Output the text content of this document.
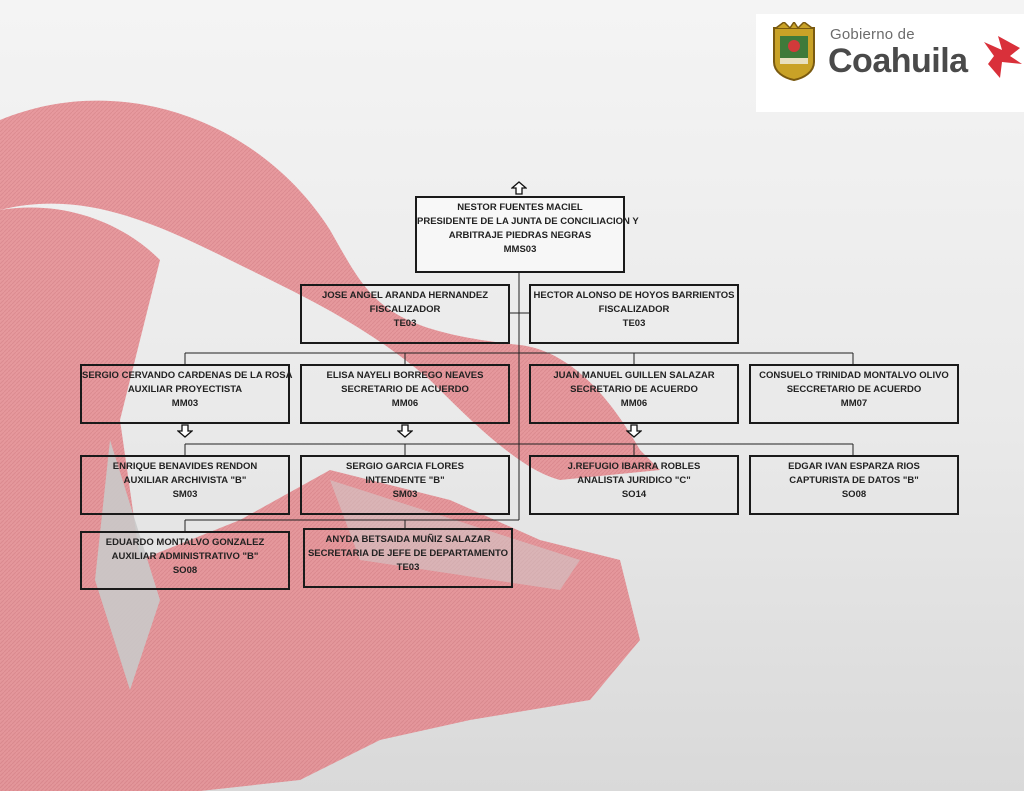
Gobierno de
Coahuila
NESTOR FUENTES MACIEL
PRESIDENTE DE LA JUNTA DE CONCILIACION Y
ARBITRAJE PIEDRAS NEGRAS
MMS03
JOSE ANGEL ARANDA HERNANDEZ
FISCALIZADOR
TE03
HECTOR ALONSO DE HOYOS BARRIENTOS
FISCALIZADOR
TE03
SERGIO CERVANDO CARDENAS DE LA ROSA
AUXILIAR PROYECTISTA
MM03
ELISA NAYELI BORREGO NEAVES
SECRETARIO DE ACUERDO
MM06
JUAN MANUEL GUILLEN SALAZAR
SECRETARIO DE ACUERDO
MM06
CONSUELO TRINIDAD MONTALVO OLIVO
SECCRETARIO DE ACUERDO
MM07
ENRIQUE BENAVIDES RENDON
AUXILIAR ARCHIVISTA "B"
SM03
SERGIO GARCIA FLORES
INTENDENTE "B"
SM03
J.REFUGIO IBARRA ROBLES
ANALISTA JURIDICO "C"
SO14
EDGAR IVAN ESPARZA RIOS
CAPTURISTA DE DATOS "B"
SO08
EDUARDO MONTALVO GONZALEZ
AUXILIAR ADMINISTRATIVO "B"
SO08
ANYDA BETSAIDA MUÑIZ SALAZAR
SECRETARIA DE JEFE DE DEPARTAMENTO
TE03
